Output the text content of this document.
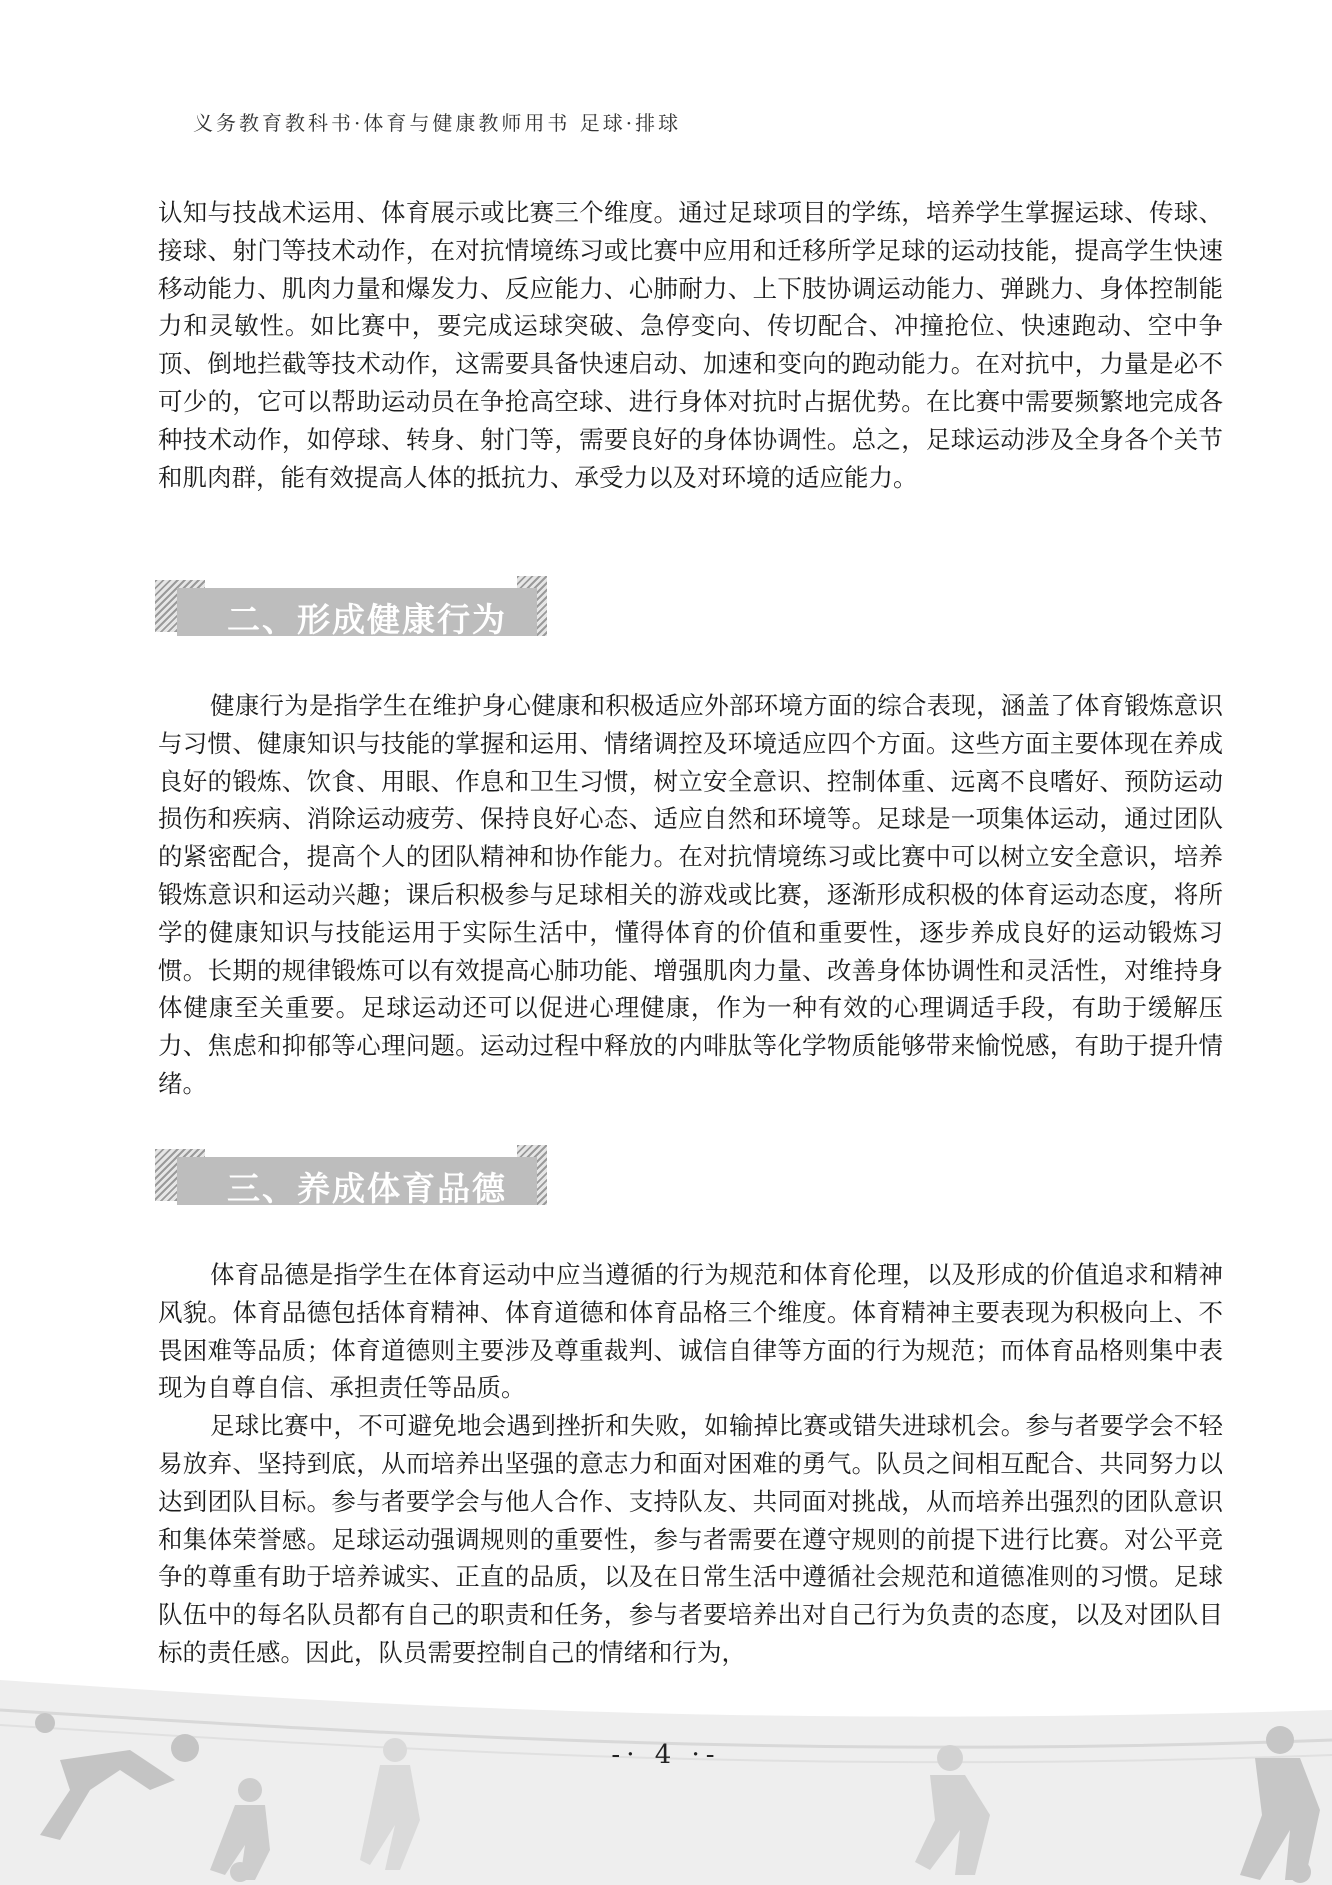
义务教育教科书·体育与健康教师用书 足球·排球

认知与技战术运用、体育展示或比赛三个维度。通过足球项目的学练，培养学生掌握运球、传球、接球、射门等技术动作，在对抗情境练习或比赛中应用和迁移所学足球的运动技能，提高学生快速移动能力、肌肉力量和爆发力、反应能力、心肺耐力、上下肢协调运动能力、弹跳力、身体控制能力和灵敏性。如比赛中，要完成运球突破、急停变向、传切配合、冲撞抢位、快速跑动、空中争顶、倒地拦截等技术动作，这需要具备快速启动、加速和变向的跑动能力。在对抗中，力量是必不可少的，它可以帮助运动员在争抢高空球、进行身体对抗时占据优势。在比赛中需要频繁地完成各种技术动作，如停球、转身、射门等，需要良好的身体协调性。总之，足球运动涉及全身各个关节和肌肉群，能有效提高人体的抵抗力、承受力以及对环境的适应能力。

二、形成健康行为

健康行为是指学生在维护身心健康和积极适应外部环境方面的综合表现，涵盖了体育锻炼意识与习惯、健康知识与技能的掌握和运用、情绪调控及环境适应四个方面。这些方面主要体现在养成良好的锻炼、饮食、用眼、作息和卫生习惯，树立安全意识、控制体重、远离不良嗜好、预防运动损伤和疾病、消除运动疲劳、保持良好心态、适应自然和环境等。足球是一项集体运动，通过团队的紧密配合，提高个人的团队精神和协作能力。在对抗情境练习或比赛中可以树立安全意识，培养锻炼意识和运动兴趣；课后积极参与足球相关的游戏或比赛，逐渐形成积极的体育运动态度，将所学的健康知识与技能运用于实际生活中，懂得体育的价值和重要性，逐步养成良好的运动锻炼习惯。长期的规律锻炼可以有效提高心肺功能、增强肌肉力量、改善身体协调性和灵活性，对维持身体健康至关重要。足球运动还可以促进心理健康，作为一种有效的心理调适手段，有助于缓解压力、焦虑和抑郁等心理问题。运动过程中释放的内啡肽等化学物质能够带来愉悦感，有助于提升情绪。

三、养成体育品德

体育品德是指学生在体育运动中应当遵循的行为规范和体育伦理，以及形成的价值追求和精神风貌。体育品德包括体育精神、体育道德和体育品格三个维度。体育精神主要表现为积极向上、不畏困难等品质；体育道德则主要涉及尊重裁判、诚信自律等方面的行为规范；而体育品格则集中表现为自尊自信、承担责任等品质。

足球比赛中，不可避免地会遇到挫折和失败，如输掉比赛或错失进球机会。参与者要学会不轻易放弃、坚持到底，从而培养出坚强的意志力和面对困难的勇气。队员之间相互配合、共同努力以达到团队目标。参与者要学会与他人合作、支持队友、共同面对挑战，从而培养出强烈的团队意识和集体荣誉感。足球运动强调规则的重要性，参与者需要在遵守规则的前提下进行比赛。对公平竞争的尊重有助于培养诚实、正直的品质，以及在日常生活中遵循社会规范和道德准则的习惯。足球队伍中的每名队员都有自己的职责和任务，参与者要培养出对自己行为负责的态度，以及对团队目标的责任感。因此，队员需要控制自己的情绪和行为，

-· 4 ·-
